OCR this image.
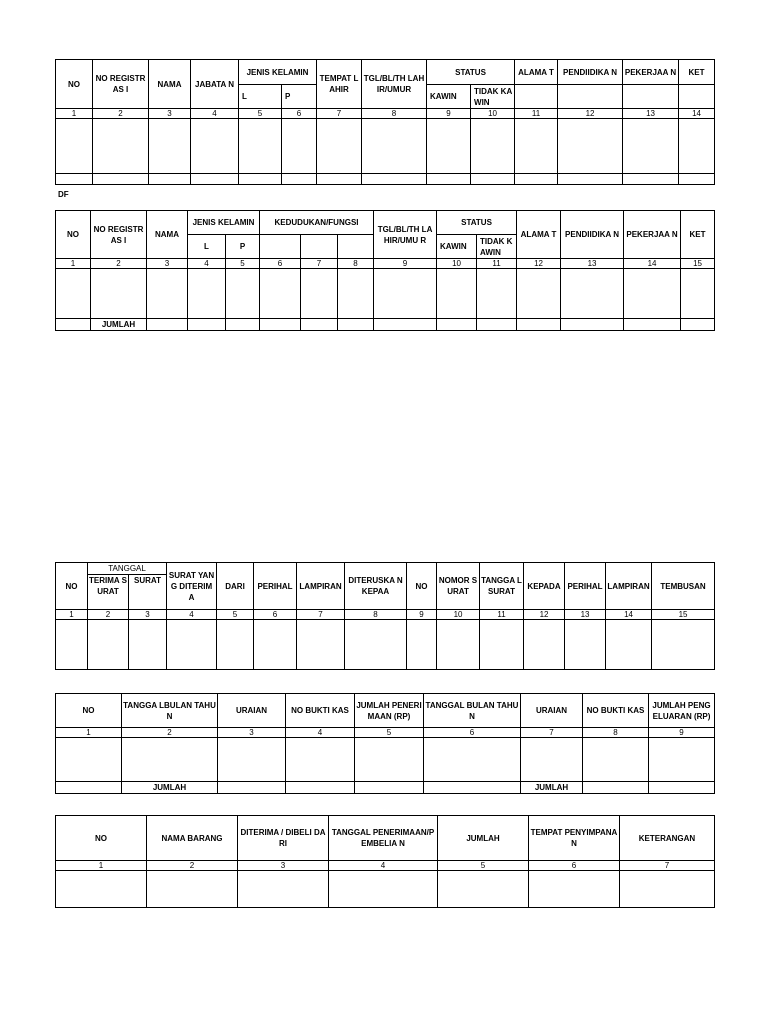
NO	NO REGISTRAS I	NAMA	JABATA N	JENIS KELAMIN		TEMPAT LAHIR	TGL/BL/TH LAHIR/UMUR	STATUS		ALAMA T	PENDIIDIKA N	PEKERJAA N	KET
				L	P			KAWIN	TIDAK KAWIN				
1	2	3	4	5	6	7	8	9	10	11	12	13	14

DF
NO	NO REGISTRAS I	NAMA	JENIS KELAMIN		KEDUDUKAN/FUNGSI			TGL/BL/TH LAHIR/UMU R	STATUS		ALAMA T	PENDIIDIKA N	PEKERJAA N	KET
			L	P					KAWIN	TIDAK KAWIN				
1	2	3	4	5	6	7	8	9	10	11	12	13	14	15

	JUMLAH													
NO	TANGGAL		SURAT YANG DITERIM A	DARI	PERIHAL	LAMPIRAN	DITERUSKA N KEPAA	NO	NOMOR SURAT	TANGGA L SURAT	KEPADA	PERIHAL	LAMPIRAN	TEMBUSAN
	TERIMA SURAT	SURAT												
1	2	3	4	5	6	7	8	9	10	11	12	13	14	15

NO	TANGGA LBULAN TAHUN	URAIAN	NO BUKTI KAS	JUMLAH PENERIMAAN (RP)	TANGGAL BULAN TAHUN	URAIAN	NO BUKTI KAS	JUMLAH PENGELUARAN (RP)
1	2	3	4	5	6	7	8	9

	JUMLAH					JUMLAH		
NO	NAMA BARANG	DITERIMA / DIBELI DARI	TANGGAL PENERIMAAN/PEMBELIA N	JUMLAH	TEMPAT PENYIMPANAN	KETERANGAN
1	2	3	4	5	6	7
